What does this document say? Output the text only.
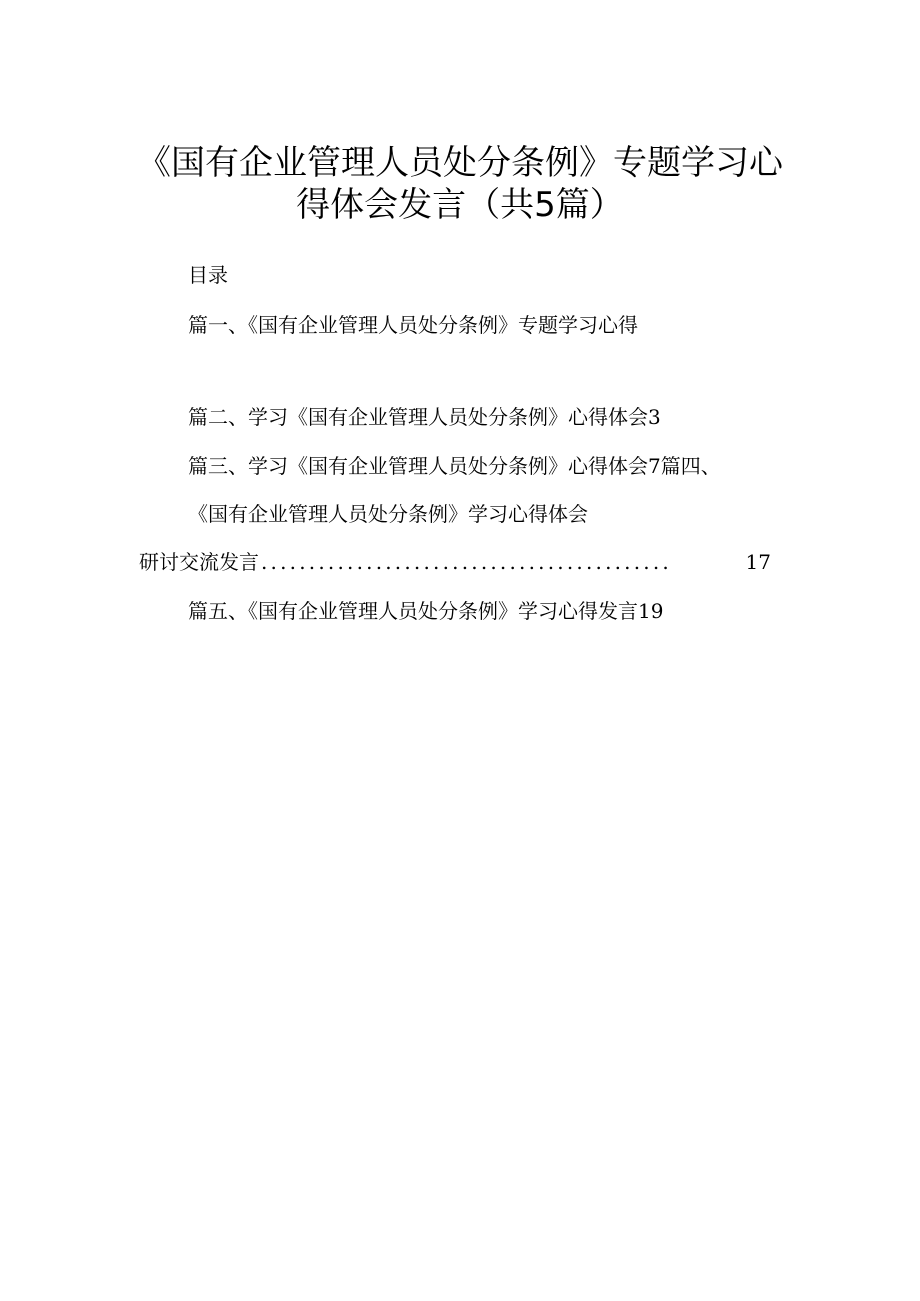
《国有企业管理人员处分条例》专题学习心
得体会发言（共5篇）
目录
篇一、《国有企业管理人员处分条例》专题学习心得
篇二、学习《国有企业管理人员处分条例》心得体会3
篇三、学习《国有企业管理人员处分条例》心得体会7篇四、
《国有企业管理人员处分条例》学习心得体会
研讨交流发言 ...........................................	17
篇五、《国有企业管理人员处分条例》学习心得发言19
